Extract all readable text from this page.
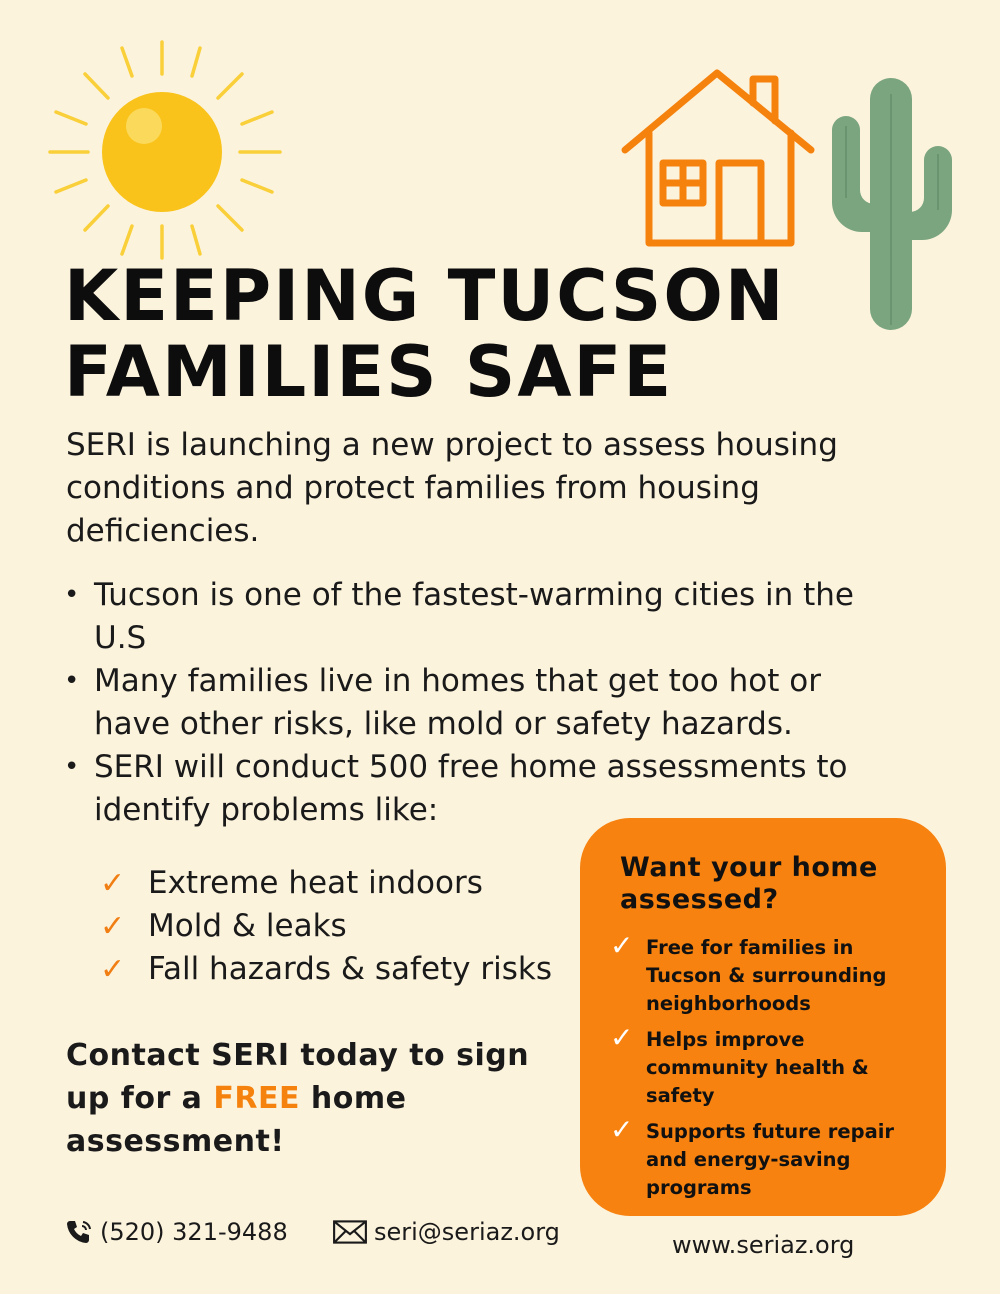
KEEPING TUCSON
FAMILIES SAFE

SERI is launching a new project to assess housing conditions and protect families from housing deficiencies.

• Tucson is one of the fastest-warming cities in the U.S
• Many families live in homes that get too hot or have other risks, like mold or safety hazards.
• SERI will conduct 500 free home assessments to identify problems like:
✓ Extreme heat indoors
✓ Mold & leaks
✓ Fall hazards & safety risks

Contact SERI today to sign up for a FREE home assessment!

Want your home assessed?
✓ Free for families in Tucson & surrounding neighborhoods
✓ Helps improve community health & safety
✓ Supports future repair and energy-saving programs
(520) 321-9488	seri@seriaz.org	www.seriaz.org
